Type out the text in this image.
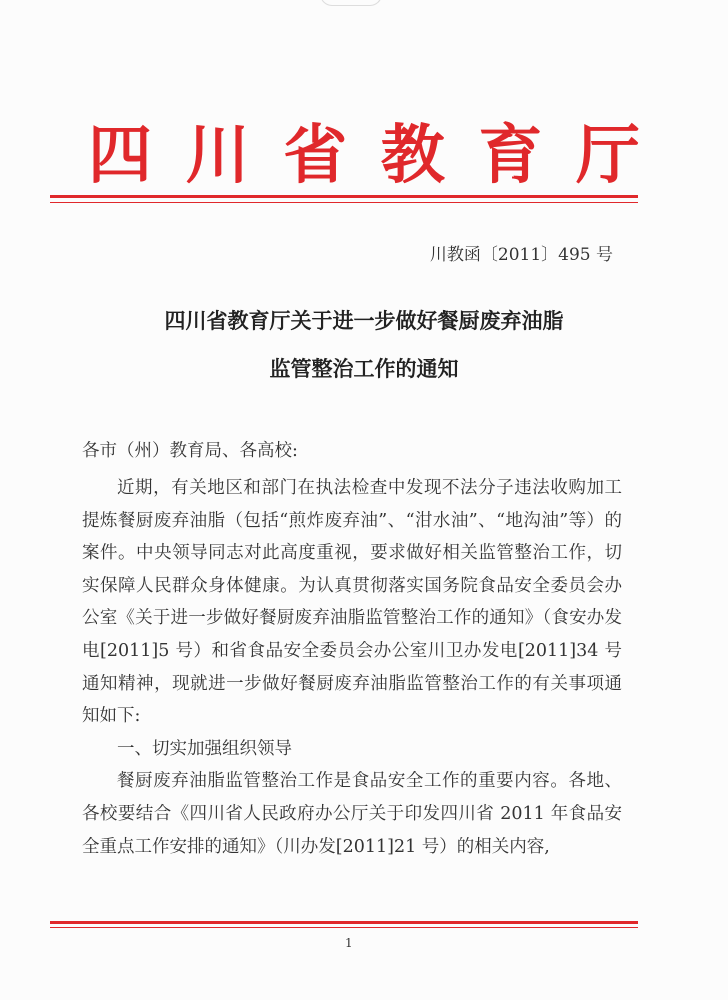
四 川 省 教 育 厅
川教函〔2011〕495 号
四川省教育厅关于进一步做好餐厨废弃油脂
监管整治工作的通知
各市（州）教育局、各高校:

近期，有关地区和部门在执法检查中发现不法分子违法收购加工提炼餐厨废弃油脂（包括“煎炸废弃油”、“泔水油”、“地沟油”等）的案件。中央领导同志对此高度重视，要求做好相关监管整治工作，切实保障人民群众身体健康。为认真贯彻落实国务院食品安全委员会办公室《关于进一步做好餐厨废弃油脂监管整治工作的通知》（食安办发电[2011]5 号）和省食品安全委员会办公室川卫办发电[2011]34 号通知精神，现就进一步做好餐厨废弃油脂监管整治工作的有关事项通知如下:

一、切实加强组织领导

餐厨废弃油脂监管整治工作是食品安全工作的重要内容。各地、各校要结合《四川省人民政府办公厅关于印发四川省 2011 年食品安全重点工作安排的通知》（川办发[2011]21 号）的相关内容,

1
